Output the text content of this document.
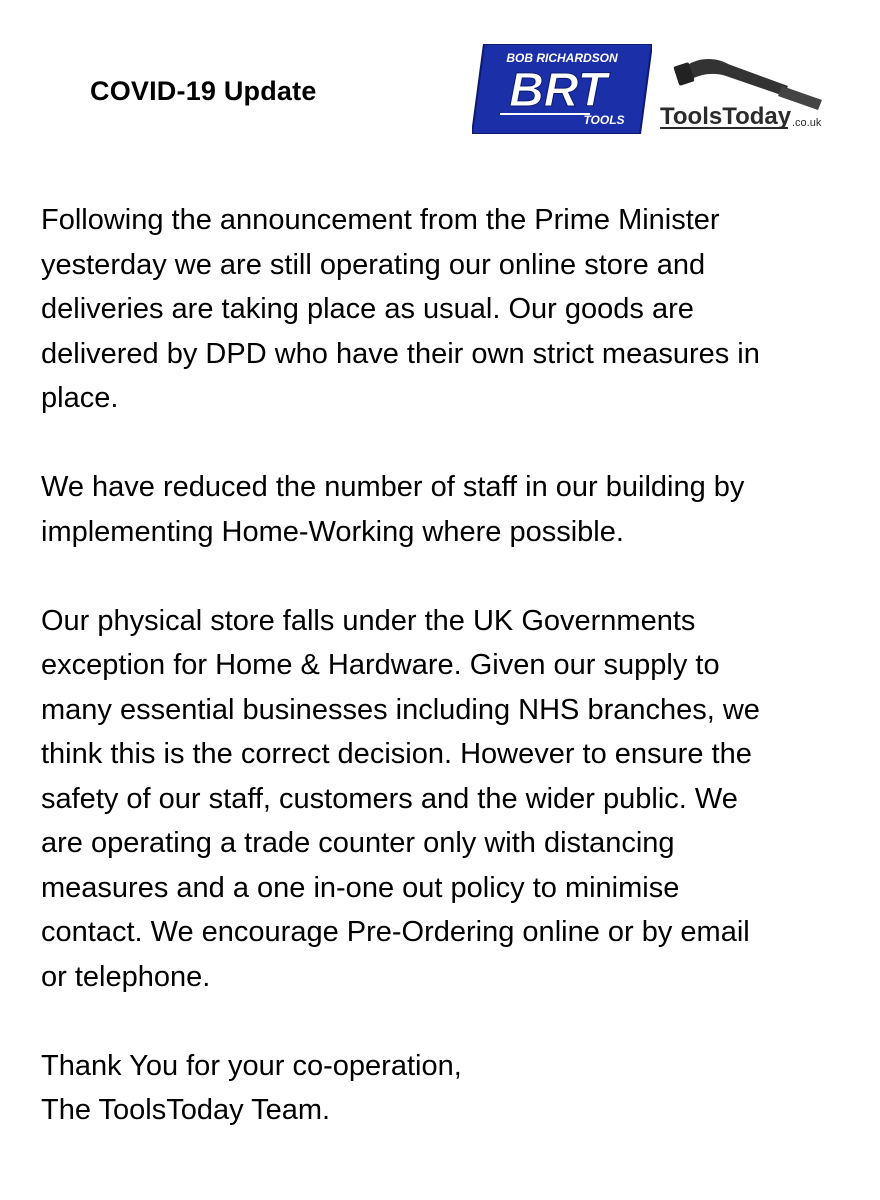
COVID-19 Update
BOB RICHARDSON
BRT
TOOLS ToolsToday .co.uk

Following the announcement from the Prime Minister
yesterday we are still operating our online store and
deliveries are taking place as usual. Our goods are
delivered by DPD who have their own strict measures in
place.

We have reduced the number of staff in our building by
implementing Home-Working where possible.

Our physical store falls under the UK Governments
exception for Home & Hardware. Given our supply to
many essential businesses including NHS branches, we
think this is the correct decision. However to ensure the
safety of our staff, customers and the wider public. We
are operating a trade counter only with distancing
measures and a one in-one out policy to minimise
contact. We encourage Pre-Ordering online or by email
or telephone.

Thank You for your co-operation,
The ToolsToday Team.
